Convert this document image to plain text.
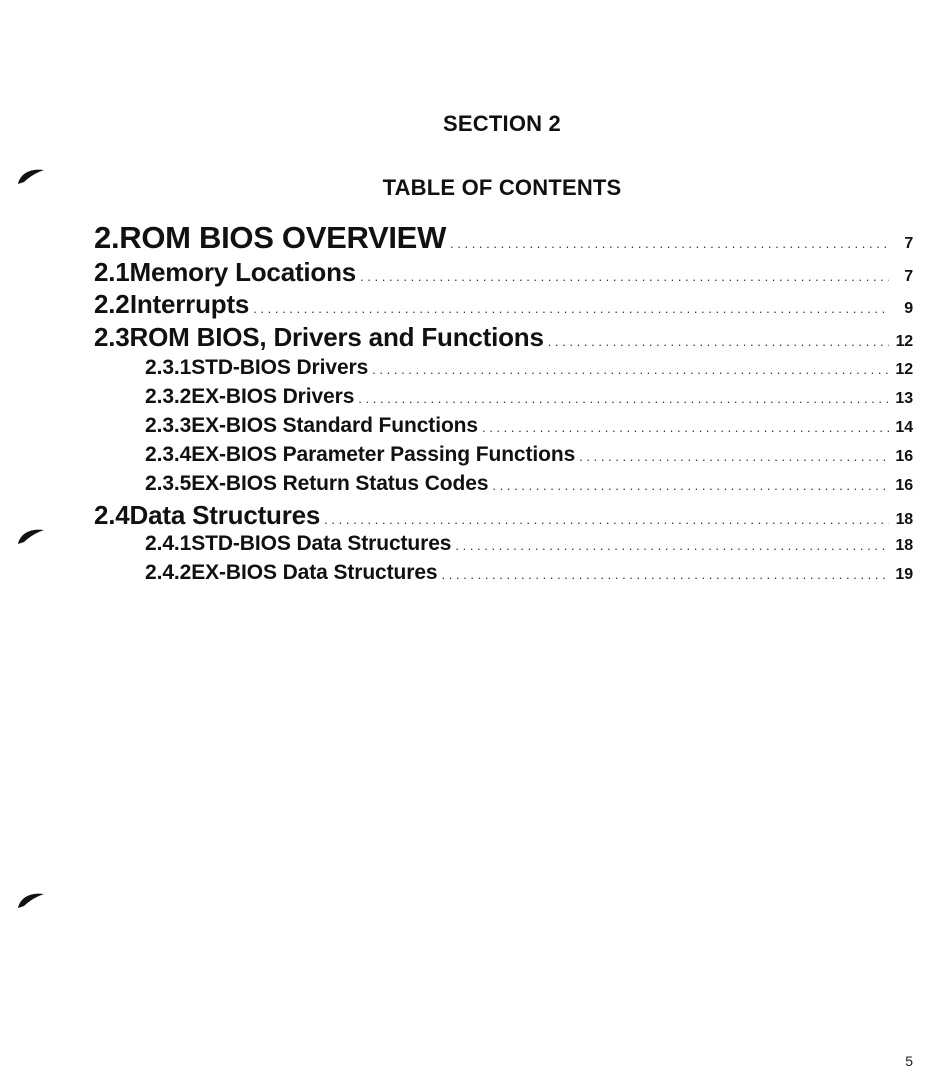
SECTION 2
TABLE OF CONTENTS
2. ROM BIOS OVERVIEW . . .	7
2.1 Memory Locations . . .	7
2.2 Interrupts . . .	9
2.3 ROM BIOS, Drivers and Functions . . .	12
2.3.1 STD-BIOS Drivers . . .	12
2.3.2 EX-BIOS Drivers . . .	13
2.3.3 EX-BIOS Standard Functions . . .	14
2.3.4 EX-BIOS Parameter Passing Functions . . .	16
2.3.5 EX-BIOS Return Status Codes . . .	16
2.4 Data Structures . . .	18
2.4.1 STD-BIOS Data Structures . . .	18
2.4.2 EX-BIOS Data Structures . . .	19
5
